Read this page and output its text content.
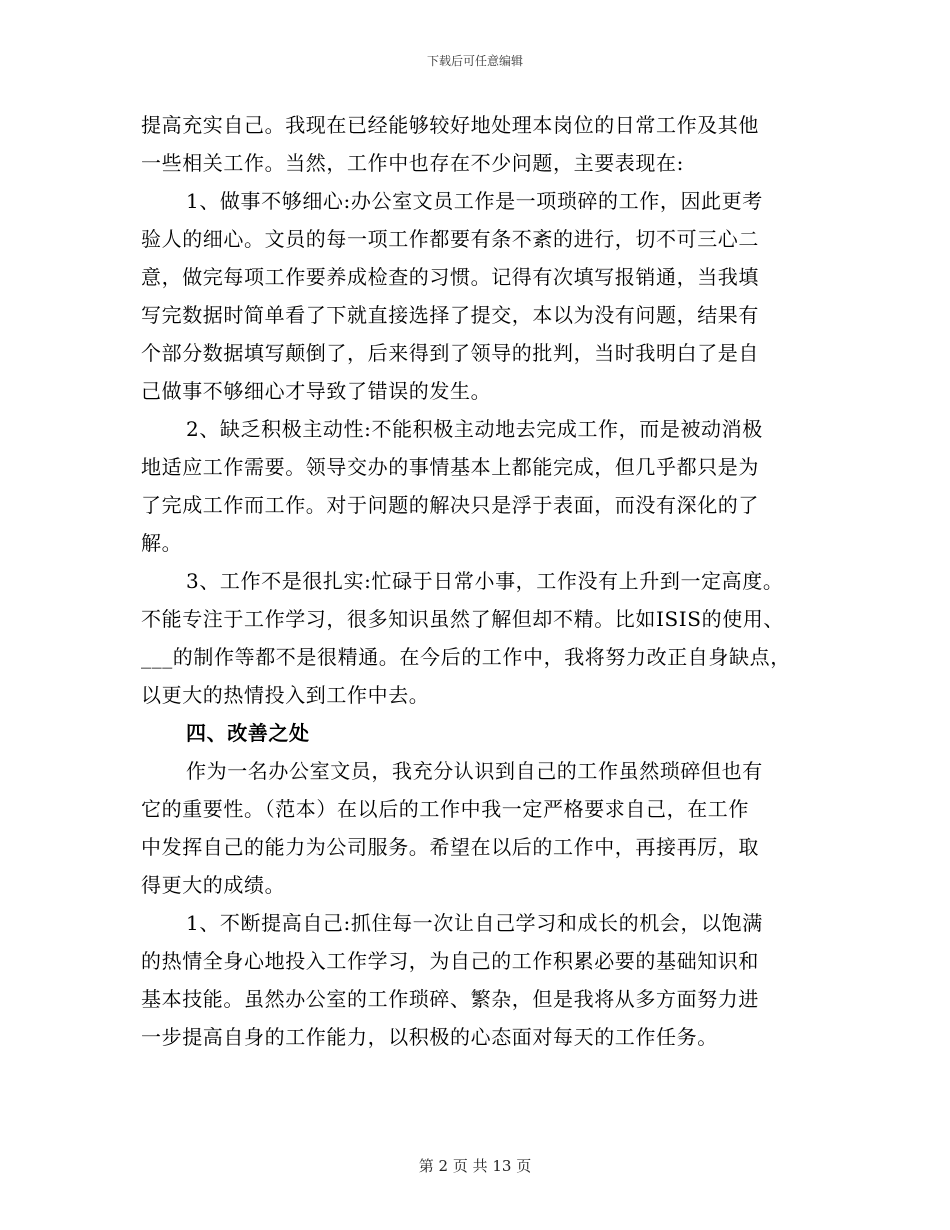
下载后可任意编辑
提高充实自己。我现在已经能够较好地处理本岗位的日常工作及其他
一些相关工作。当然，工作中也存在不少问题，主要表现在:
1、做事不够细心:办公室文员工作是一项琐碎的工作，因此更考
验人的细心。文员的每一项工作都要有条不紊的进行，切不可三心二
意，做完每项工作要养成检查的习惯。记得有次填写报销通，当我填
写完数据时简单看了下就直接选择了提交，本以为没有问题，结果有
个部分数据填写颠倒了，后来得到了领导的批判，当时我明白了是自
己做事不够细心才导致了错误的发生。
2、缺乏积极主动性:不能积极主动地去完成工作，而是被动消极
地适应工作需要。领导交办的事情基本上都能完成，但几乎都只是为
了完成工作而工作。对于问题的解决只是浮于表面，而没有深化的了
解。
3、工作不是很扎实:忙碌于日常小事，工作没有上升到一定高度。
不能专注于工作学习，很多知识虽然了解但却不精。比如ISIS的使用、
___的制作等都不是很精通。在今后的工作中，我将努力改正自身缺点，
以更大的热情投入到工作中去。
四、改善之处
作为一名办公室文员，我充分认识到自己的工作虽然琐碎但也有
它的重要性。（范本）在以后的工作中我一定严格要求自己，在工作
中发挥自己的能力为公司服务。希望在以后的工作中，再接再厉，取
得更大的成绩。
1、不断提高自己:抓住每一次让自己学习和成长的机会，以饱满
的热情全身心地投入工作学习，为自己的工作积累必要的基础知识和
基本技能。虽然办公室的工作琐碎、繁杂，但是我将从多方面努力进
一步提高自身的工作能力，以积极的心态面对每天的工作任务。
第 2 页 共 13 页
